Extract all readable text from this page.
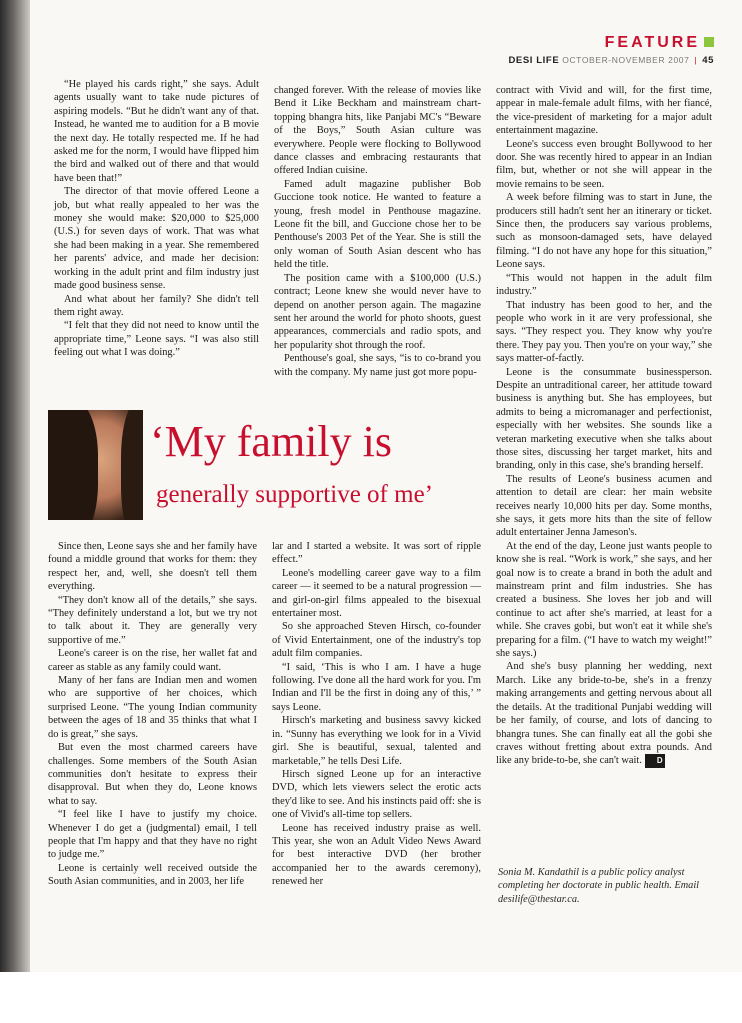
FEATURE
DESI LIFE OCTOBER-NOVEMBER 2007 | 45

“He played his cards right,” she says. Adult agents usually want to take nude pictures of aspiring models. “But he didn't want any of that. Instead, he wanted me to audition for a B movie the next day. He totally respected me. If he had asked me for the norm, I would have flipped him the bird and walked out of there and that would have been that!”

The director of that movie offered Leone a job, but what really appealed to her was the money she would make: $20,000 to $25,000 (U.S.) for seven days of work. That was what she had been making in a year. She remembered her parents' advice, and made her decision: working in the adult print and film industry just made good business sense.

And what about her family? She didn't tell them right away.

“I felt that they did not need to know until the appropriate time,” Leone says. “I was also still feeling out what I was doing.”

changed forever. With the release of movies like Bend it Like Beckham and mainstream chart-topping bhangra hits, like Panjabi MC's “Beware of the Boys,” South Asian culture was everywhere. People were flocking to Bollywood dance classes and embracing restaurants that offered Indian cuisine.

Famed adult magazine publisher Bob Guccione took notice. He wanted to feature a young, fresh model in Penthouse magazine. Leone fit the bill, and Guccione chose her to be Penthouse's 2003 Pet of the Year. She is still the only woman of South Asian descent who has held the title.

The position came with a $100,000 (U.S.) contract; Leone knew she would never have to depend on another person again. The magazine sent her around the world for photo shoots, guest appearances, commercials and radio spots, and her popularity shot through the roof.

Penthouse's goal, she says, “is to co-brand you with the company. My name just got more popu-

‘My family is
generally supportive of me’

Since then, Leone says she and her family have found a middle ground that works for them: they respect her, and, well, she doesn't tell them everything.

“They don't know all of the details,” she says. “They definitely understand a lot, but we try not to talk about it. They are generally very supportive of me.”

Leone's career is on the rise, her wallet fat and career as stable as any family could want.

Many of her fans are Indian men and women who are supportive of her choices, which surprised Leone. “The young Indian community between the ages of 18 and 35 thinks that what I do is great,” she says.

But even the most charmed careers have challenges. Some members of the South Asian communities don't hesitate to express their disapproval. But when they do, Leone knows what to say.

“I feel like I have to justify my choice. Whenever I do get a (judgmental) email, I tell people that I'm happy and that they have no right to judge me.”

Leone is certainly well received outside the South Asian communities, and in 2003, her life

lar and I started a website. It was sort of ripple effect.”

Leone's modelling career gave way to a film career — it seemed to be a natural progression — and girl-on-girl films appealed to the bisexual entertainer most.

So she approached Steven Hirsch, co-founder of Vivid Entertainment, one of the industry's top adult film companies.

“I said, ‘This is who I am. I have a huge following. I've done all the hard work for you. I'm Indian and I'll be the first in doing any of this,’ ” says Leone.

Hirsch's marketing and business savvy kicked in. “Sunny has everything we look for in a Vivid girl. She is beautiful, sexual, talented and marketable,” he tells Desi Life.

Hirsch signed Leone up for an interactive DVD, which lets viewers select the erotic acts they'd like to see. And his instincts paid off: she is one of Vivid's all-time top sellers.

Leone has received industry praise as well. This year, she won an Adult Video News Award for best interactive DVD (her brother accompanied her to the awards ceremony), renewed her

contract with Vivid and will, for the first time, appear in male-female adult films, with her fiancé, the vice-president of marketing for a major adult entertainment magazine.

Leone's success even brought Bollywood to her door. She was recently hired to appear in an Indian film, but, whether or not she will appear in the movie remains to be seen.

A week before filming was to start in June, the producers still hadn't sent her an itinerary or ticket. Since then, the producers say various problems, such as monsoon-damaged sets, have delayed filming. “I do not have any hope for this situation,” Leone says.

“This would not happen in the adult film industry.”

That industry has been good to her, and the people who work in it are very professional, she says. “They respect you. They know why you're there. They pay you. Then you're on your way,” she says matter-of-factly.

Leone is the consummate businessperson. Despite an untraditional career, her attitude toward business is anything but. She has employees, but admits to being a micromanager and perfectionist, especially with her websites. She sounds like a veteran marketing executive when she talks about those sites, discussing her target market, hits and branding, only in this case, she's branding herself.

The results of Leone's business acumen and attention to detail are clear: her main website receives nearly 10,000 hits per day. Some months, she says, it gets more hits than the site of fellow adult entertainer Jenna Jameson's.

At the end of the day, Leone just wants people to know she is real. “Work is work,” she says, and her goal now is to create a brand in both the adult and mainstream print and film industries. She has created a business. She loves her job and will continue to act after she's married, at least for a while. She craves gobi, but won't eat it while she's preparing for a film. (“I have to watch my weight!” she says.)

And she's busy planning her wedding, next March. Like any bride-to-be, she's in a frenzy making arrangements and getting nervous about all the details. At the traditional Punjabi wedding will be her family, of course, and lots of dancing to bhangra tunes. She can finally eat all the gobi she craves without fretting about extra pounds. And like any bride-to-be, she can't wait. D

Sonia M. Kandathil is a public policy analyst completing her doctorate in public health. Email desilife@thestar.ca.
